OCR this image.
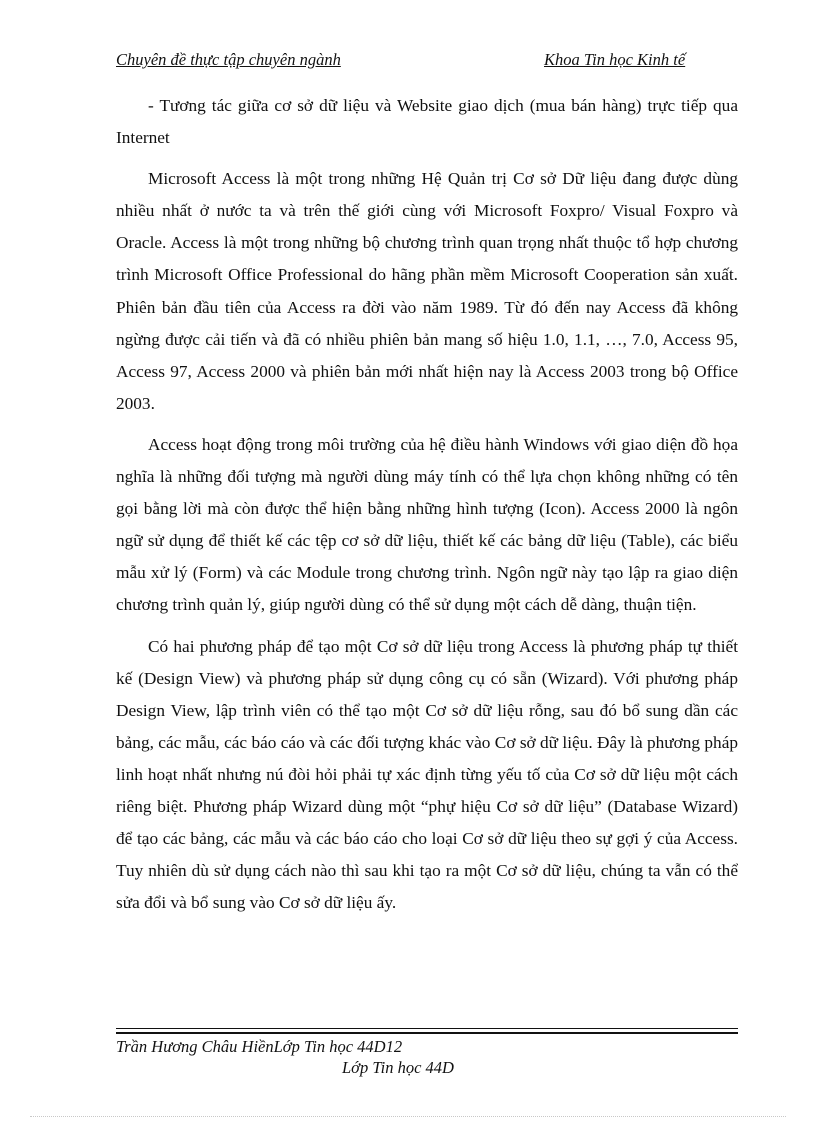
Chuyên đề thực tập chuyên ngành	Khoa Tin học Kinh tế

- Tương tác giữa cơ sở dữ liệu và Website giao dịch (mua bán hàng) trực tiếp qua Internet

Microsoft Access là một trong những Hệ Quản trị Cơ sở Dữ liệu đang được dùng nhiều nhất ở nước ta và trên thế giới cùng với Microsoft Foxpro/ Visual Foxpro và Oracle. Access là một trong những bộ chương trình quan trọng nhất thuộc tổ hợp chương trình Microsoft Office Professional do hãng phần mềm Microsoft Cooperation sản xuất. Phiên bản đầu tiên của Access ra đời vào năm 1989. Từ đó đến nay Access đã không ngừng được cải tiến và đã có nhiều phiên bản mang số hiệu 1.0, 1.1, …, 7.0, Access 95, Access 97, Access 2000 và phiên bản mới nhất hiện nay là Access 2003 trong bộ Office 2003.

Access hoạt động trong môi trường của hệ điều hành Windows với giao diện đồ họa nghĩa là những đối tượng mà người dùng máy tính có thể lựa chọn không những có tên gọi bằng lời mà còn được thể hiện bằng những hình tượng (Icon). Access 2000 là ngôn ngữ sử dụng để thiết kế các tệp cơ sở dữ liệu, thiết kế các bảng dữ liệu (Table), các biểu mẫu xử lý (Form) và các Module trong chương trình. Ngôn ngữ này tạo lập ra giao diện chương trình quản lý, giúp người dùng có thể sử dụng một cách dễ dàng, thuận tiện.

Có hai phương pháp để tạo một Cơ sở dữ liệu trong Access là phương pháp tự thiết kế (Design View) và phương pháp sử dụng công cụ có sẵn (Wizard). Với phương pháp Design View, lập trình viên có thể tạo một Cơ sở dữ liệu rỗng, sau đó bổ sung dần các bảng, các mẫu, các báo cáo và các đối tượng khác vào Cơ sở dữ liệu. Đây là phương pháp linh hoạt nhất nhưng nú đòi hỏi phải tự xác định từng yếu tố của Cơ sở dữ liệu một cách riêng biệt. Phương pháp Wizard dùng một “phự hiệu Cơ sở dữ liệu” (Database Wizard) để tạo các bảng, các mẫu và các báo cáo cho loại Cơ sở dữ liệu theo sự gợi ý của Access. Tuy nhiên dù sử dụng cách nào thì sau khi tạo ra một Cơ sở dữ liệu, chúng ta vẫn có thể sửa đổi và bổ sung vào Cơ sở dữ liệu ấy.

Trần Hương Châu HiềnLớp Tin học 44D12
Lớp Tin học 44D
